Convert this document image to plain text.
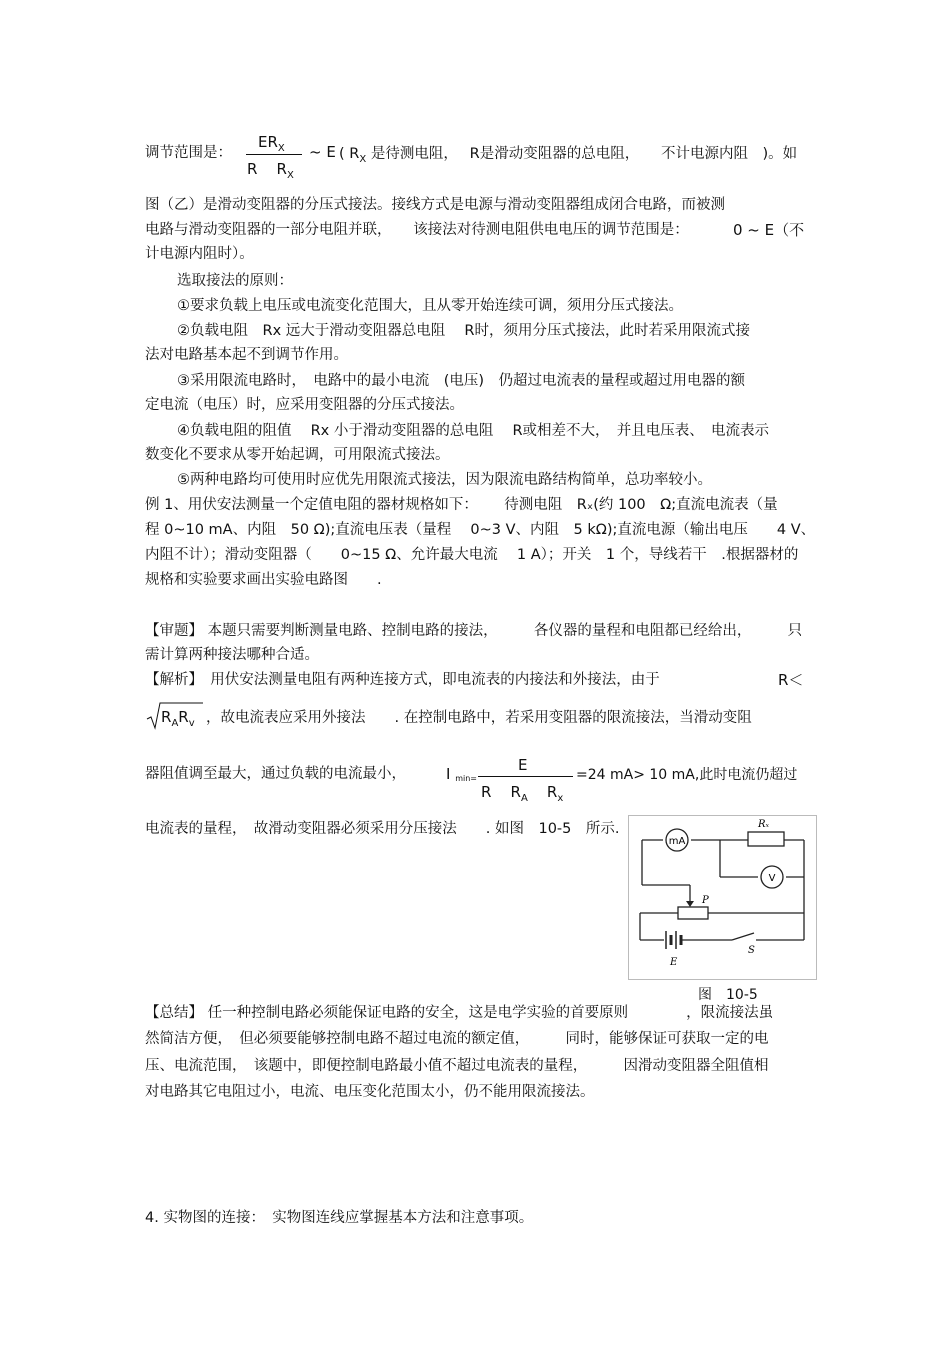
调节范围是：
$ER_X$
R $R_X$
~ E ( $R_X$ 是待测电阻，　 R是滑动变阻器的总电阻，　　不计电源内阻　)。如
图（乙）是滑动变阻器的分压式接法。接线方式是电源与滑动变阻器组成闭合电路，而被测
电路与滑动变阻器的一部分电阻并联，　　该接法对待测电阻供电电压的调节范围是：	0 ~ E（不
计电源内阻时）。
选取接法的原则：
①要求负载上电压或电流变化范围大，且从零开始连续可调，须用分压式接法。
②负载电阻　Rx 远大于滑动变阻器总电阻　 R时，须用分压式接法，此时若采用限流式接
法对电路基本起不到调节作用。
③采用限流电路时，　电路中的最小电流　(电压)　仍超过电流表的量程或超过用电器的额
定电流（电压）时，应采用变阻器的分压式接法。
④负载电阻的阻值　 Rx 小于滑动变阻器的总电阻　 R或相差不大，　并且电压表、　电流表示
数变化不要求从零开始起调，可用限流式接法。
⑤两种电路均可使用时应优先用限流式接法，因为限流电路结构简单，总功率较小。
例 1、用伏安法测量一个定值电阻的器材规格如下：　　 待测电阻　Rₓ(约 100　Ω;直流电流表（量
程 0~10 mA、内阻　50 Ω);直流电压表（量程　 0~3 V、内阻　5 kΩ);直流电源（输出电压　　4 V、
内阻不计）；滑动变阻器（　　0~15 Ω、允许最大电流　 1 A）；开关　1 个，导线若干　.根据器材的
规格和实验要求画出实验电路图　　.
【审题】 本题只需要判断测量电路、控制电路的接法，　　　各仪器的量程和电阻都已经给出，　　　只
需计算两种接法哪种合适。
【解析】　用伏安法测量电阻有两种连接方式，即电流表的内接法和外接法，由于	R＜
$R_AR_v$ ，故电流表应采用外接法　　. 在控制电路中，若采用变阻器的限流接法，当滑动变阻
器阻值调至最大，通过负载的电流最小，	I min=
E
R $R_A$ $R_x$
=24 mA> 10 mA,此时电流仍超过
电流表的量程，　故滑动变阻器必须采用分压接法　　. 如图　10-5　所示.
mA
V
Rₓ
P
S
E
图　10-5
【总结】 任一种控制电路必须能保证电路的安全，这是电学实验的首要原则　　　　，限流接法虽
然简洁方便，　但必须要能够控制电路不超过电流的额定值，　　　同时，能够保证可获取一定的电
压、电流范围，　该题中，即便控制电路最小值不超过电流表的量程，　　　因滑动变阻器全阻值相
对电路其它电阻过小，电流、电压变化范围太小，仍不能用限流接法。
4. 实物图的连接：　实物图连线应掌握基本方法和注意事项。
